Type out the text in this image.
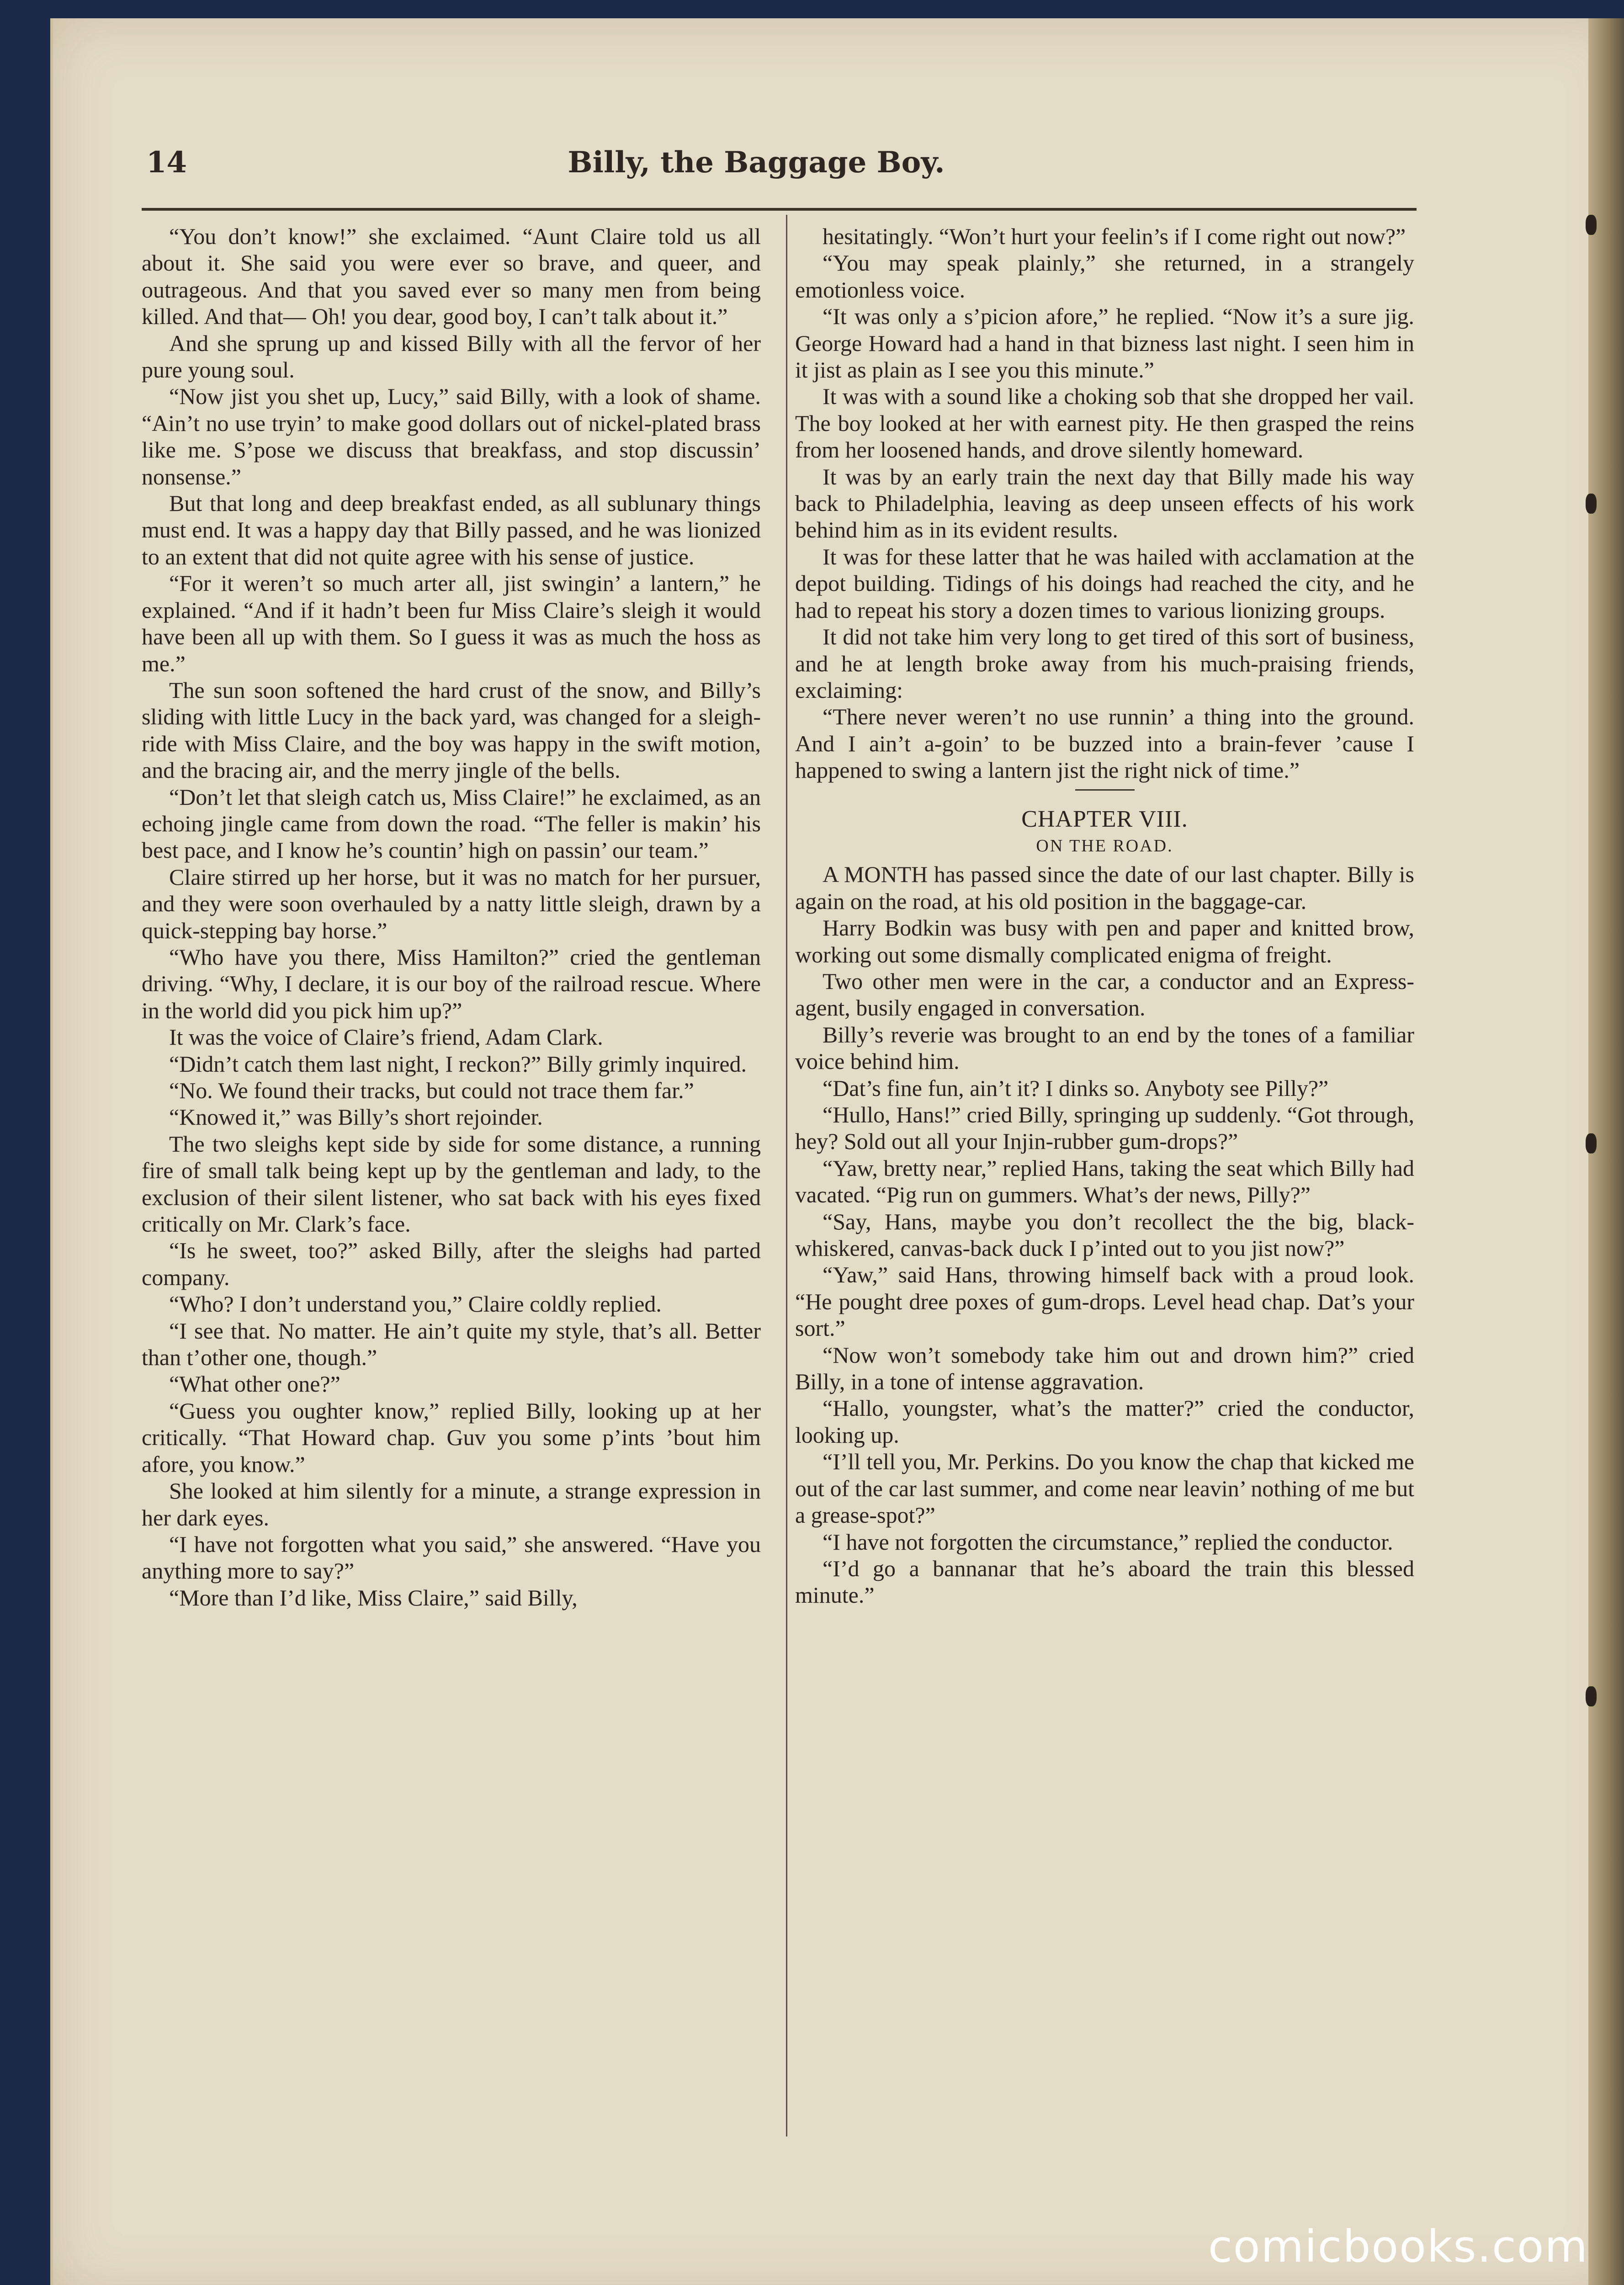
14	Billy, the Baggage Boy.

“You don’t know!” she exclaimed. “Aunt Claire told us all about it. She said you were ever so brave, and queer, and outrageous. And that you saved ever so many men from being killed. And that— Oh! you dear, good boy, I can’t talk about it.”

And she sprung up and kissed Billy with all the fervor of her pure young soul.

“Now jist you shet up, Lucy,” said Billy, with a look of shame. “Ain’t no use tryin’ to make good dollars out of nickel-plated brass like me. S’pose we discuss that breakfass, and stop discussin’ nonsense.”

But that long and deep breakfast ended, as all sublunary things must end. It was a happy day that Billy passed, and he was lionized to an extent that did not quite agree with his sense of justice.

“For it weren’t so much arter all, jist swingin’ a lantern,” he explained. “And if it hadn’t been fur Miss Claire’s sleigh it would have been all up with them. So I guess it was as much the hoss as me.”

The sun soon softened the hard crust of the snow, and Billy’s sliding with little Lucy in the back yard, was changed for a sleigh-ride with Miss Claire, and the boy was happy in the swift motion, and the bracing air, and the merry jingle of the bells.

“Don’t let that sleigh catch us, Miss Claire!” he exclaimed, as an echoing jingle came from down the road. “The feller is makin’ his best pace, and I know he’s countin’ high on passin’ our team.”

Claire stirred up her horse, but it was no match for her pursuer, and they were soon overhauled by a natty little sleigh, drawn by a quick-stepping bay horse.”

“Who have you there, Miss Hamilton?” cried the gentleman driving. “Why, I declare, it is our boy of the railroad rescue. Where in the world did you pick him up?”

It was the voice of Claire’s friend, Adam Clark.

“Didn’t catch them last night, I reckon?” Billy grimly inquired.

“No. We found their tracks, but could not trace them far.”

“Knowed it,” was Billy’s short rejoinder.

The two sleighs kept side by side for some distance, a running fire of small talk being kept up by the gentleman and lady, to the exclusion of their silent listener, who sat back with his eyes fixed critically on Mr. Clark’s face.

“Is he sweet, too?” asked Billy, after the sleighs had parted company.

“Who? I don’t understand you,” Claire coldly replied.

“I see that. No matter. He ain’t quite my style, that’s all. Better than t’other one, though.”

“What other one?”

“Guess you oughter know,” replied Billy, looking up at her critically. “That Howard chap. Guv you some p’ints ’bout him afore, you know.”

She looked at him silently for a minute, a strange expression in her dark eyes.

“I have not forgotten what you said,” she answered. “Have you anything more to say?”

“More than I’d like, Miss Claire,” said Billy,

hesitatingly. “Won’t hurt your feelin’s if I come right out now?”

“You may speak plainly,” she returned, in a strangely emotionless voice.

“It was only a s’picion afore,” he replied. “Now it’s a sure jig. George Howard had a hand in that bizness last night. I seen him in it jist as plain as I see you this minute.”

It was with a sound like a choking sob that she dropped her vail. The boy looked at her with earnest pity. He then grasped the reins from her loosened hands, and drove silently homeward.

It was by an early train the next day that Billy made his way back to Philadelphia, leaving as deep unseen effects of his work behind him as in its evident results.

It was for these latter that he was hailed with acclamation at the depot building. Tidings of his doings had reached the city, and he had to repeat his story a dozen times to various lionizing groups.

It did not take him very long to get tired of this sort of business, and he at length broke away from his much-praising friends, exclaiming:

“There never weren’t no use runnin’ a thing into the ground. And I ain’t a-goin’ to be buzzed into a brain-fever ’cause I happened to swing a lantern jist the right nick of time.”

CHAPTER VIII.
ON THE ROAD.

A MONTH has passed since the date of our last chapter. Billy is again on the road, at his old position in the baggage-car.

Harry Bodkin was busy with pen and paper and knitted brow, working out some dismally complicated enigma of freight.

Two other men were in the car, a conductor and an Express-agent, busily engaged in conversation.

Billy’s reverie was brought to an end by the tones of a familiar voice behind him.

“Dat’s fine fun, ain’t it? I dinks so. Anyboty see Pilly?”

“Hullo, Hans!” cried Billy, springing up suddenly. “Got through, hey? Sold out all your Injin-rubber gum-drops?”

“Yaw, bretty near,” replied Hans, taking the seat which Billy had vacated. “Pig run on gummers. What’s der news, Pilly?”

“Say, Hans, maybe you don’t recollect the the big, black-whiskered, canvas-back duck I p’inted out to you jist now?”

“Yaw,” said Hans, throwing himself back with a proud look. “He pought dree poxes of gum-drops. Level head chap. Dat’s your sort.”

“Now won’t somebody take him out and drown him?” cried Billy, in a tone of intense aggravation.

“Hallo, youngster, what’s the matter?” cried the conductor, looking up.

“I’ll tell you, Mr. Perkins. Do you know the chap that kicked me out of the car last summer, and come near leavin’ nothing of me but a grease-spot?”

“I have not forgotten the circumstance,” replied the conductor.

“I’d go a bannanar that he’s aboard the train this blessed minute.”

comicbooks.com
